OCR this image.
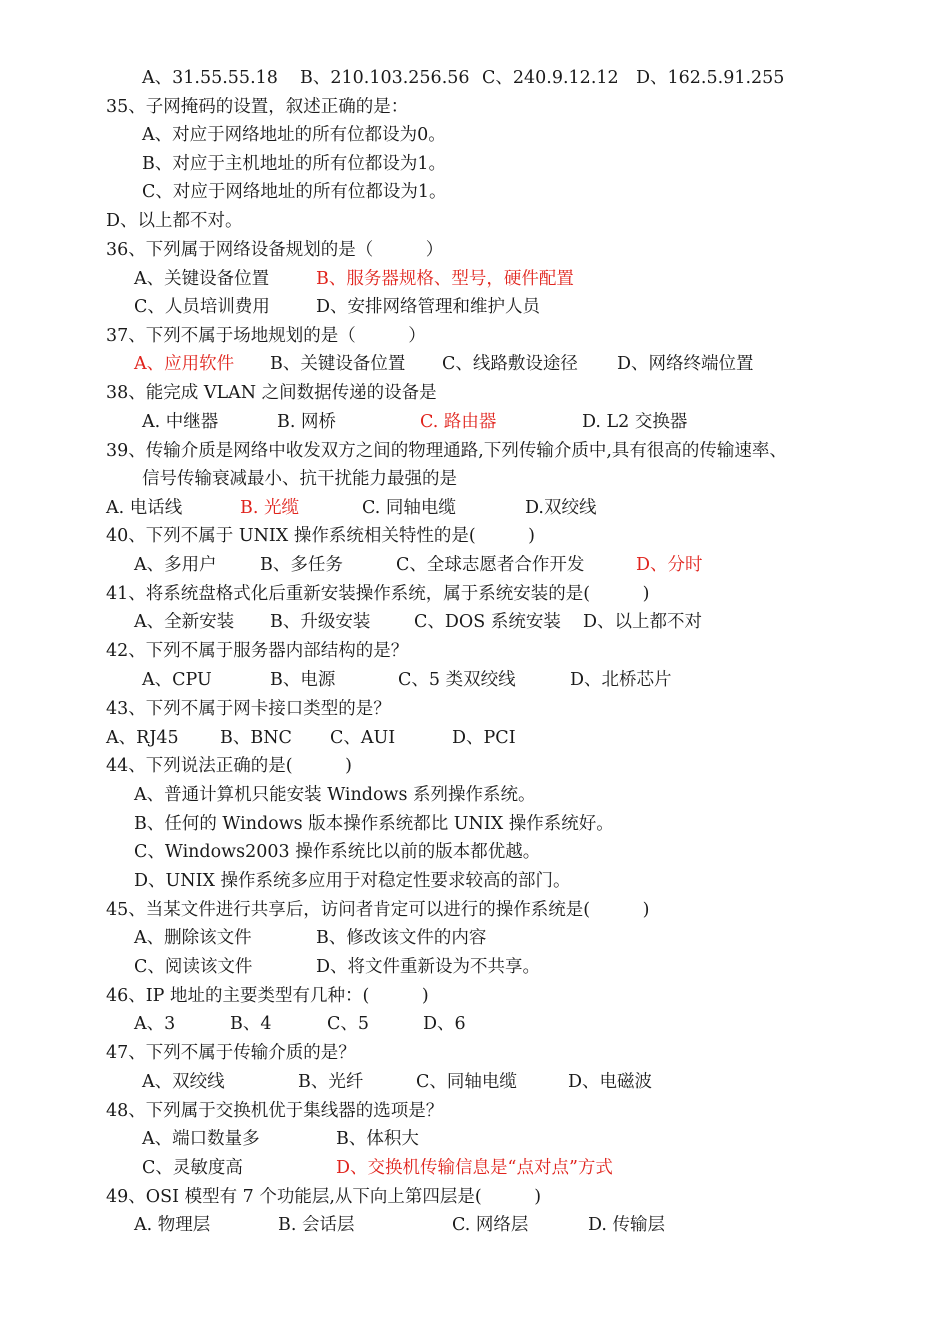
A、31.55.55.18 B、210.103.256.56 C、240.9.12.12 D、162.5.91.255
35、子网掩码的设置，叙述正确的是：
A、对应于网络地址的所有位都设为0。
B、对应于主机地址的所有位都设为1。
C、对应于网络地址的所有位都设为1。
D、以上都不对。
36、下列属于网络设备规划的是（　　　）
A、关键设备位置	B、服务器规格、型号，硬件配置
C、人员培训费用	D、安排网络管理和维护人员
37、下列不属于场地规划的是（　　　）
A、应用软件 B、关键设备位置 C、线路敷设途径 D、网络终端位置
38、能完成 VLAN 之间数据传递的设备是
A. 中继器	B. 网桥	C. 路由器	D. L2 交换器
39、传输介质是网络中收发双方之间的物理通路,下列传输介质中,具有很高的传输速率、
信号传输衰减最小、抗干扰能力最强的是
A. 电话线	B. 光缆	C. 同轴电缆	D.双绞线
40、下列不属于 UNIX 操作系统相关特性的是(　　　)
A、多用户 B、多任务	C、全球志愿者合作开发	D、分时
41、将系统盘格式化后重新安装操作系统，属于系统安装的是(　　　)
A、全新安装 B、升级安装 C、DOS 系统安装 D、以上都不对
42、下列不属于服务器内部结构的是？
A、CPU	B、电源	C、5 类双绞线	D、北桥芯片
43、下列不属于网卡接口类型的是？
A、RJ45 B、BNC C、AUI	D、PCI
44、下列说法正确的是(　　　)
A、普通计算机只能安装 Windows 系列操作系统。
B、任何的 Windows 版本操作系统都比 UNIX 操作系统好。
C、Windows2003 操作系统比以前的版本都优越。
D、UNIX 操作系统多应用于对稳定性要求较高的部门。
45、当某文件进行共享后，访问者肯定可以进行的操作系统是(　　　)
A、删除该文件	B、修改该文件的内容
C、阅读该文件	D、将文件重新设为不共享。
46、IP 地址的主要类型有几种：(　　　)
A、3	B、4	C、5	D、6
47、下列不属于传输介质的是？
A、双绞线	B、光纤	C、同轴电缆	D、电磁波
48、下列属于交换机优于集线器的选项是？
A、端口数量多	B、体积大
C、灵敏度高	D、交换机传输信息是“点对点”方式
49、OSI 模型有 7 个功能层,从下向上第四层是(　　　)
A. 物理层	B. 会话层	C. 网络层	D. 传输层
